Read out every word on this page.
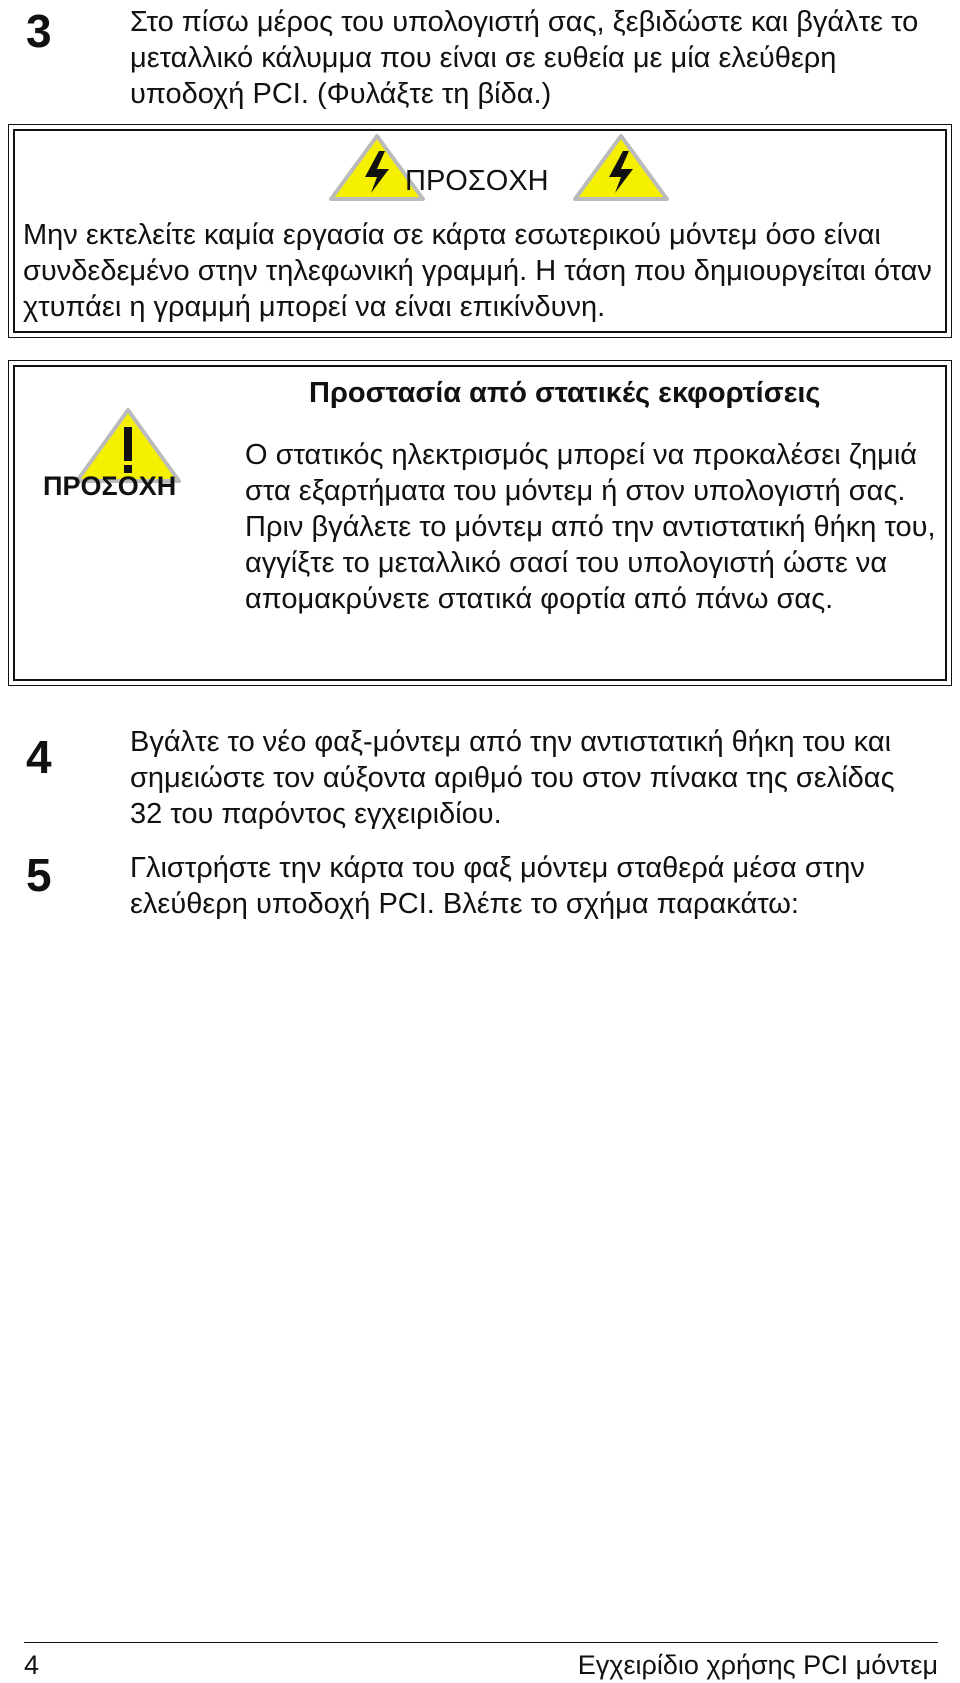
3	Στο πίσω μέρος του υπολογιστή σας, ξεβιδώστε και βγάλτε το μεταλλικό κάλυμμα που είναι σε ευθεία με μία ελεύθερη υποδοχή PCI. (Φυλάξτε τη βίδα.)
ΠΡΟΣΟΧΗ
Μην εκτελείτε καμία εργασία σε κάρτα εσωτερικού μόντεμ όσο είναι συνδεδεμένο στην τηλεφωνική γραμμή. Η τάση που δημιουργείται όταν χτυπάει η γραμμή μπορεί να είναι επικίνδυνη.
ΠΡΟΣΟΧΗ
Προστασία από στατικές εκφορτίσεις
Ο στατικός ηλεκτρισμός μπορεί να προκαλέσει ζημιά στα εξαρτήματα του μόντεμ ή στον υπολογιστή σας. Πριν βγάλετε το μόντεμ από την αντιστατική θήκη του, αγγίξτε το μεταλλικό σασί του υπολογιστή ώστε να απομακρύνετε στατικά φορτία από πάνω σας.
4	Βγάλτε το νέο φαξ-μόντεμ από την αντιστατική θήκη του και σημειώστε τον αύξοντα αριθμό του στον πίνακα της σελίδας 32 του παρόντος εγχειριδίου.
5	Γλιστρήστε την κάρτα του φαξ μόντεμ σταθερά μέσα στην ελεύθερη υποδοχή PCI. Βλέπε το σχήμα παρακάτω:
4	Εγχειρίδιο χρήσης PCI μόντεμ
